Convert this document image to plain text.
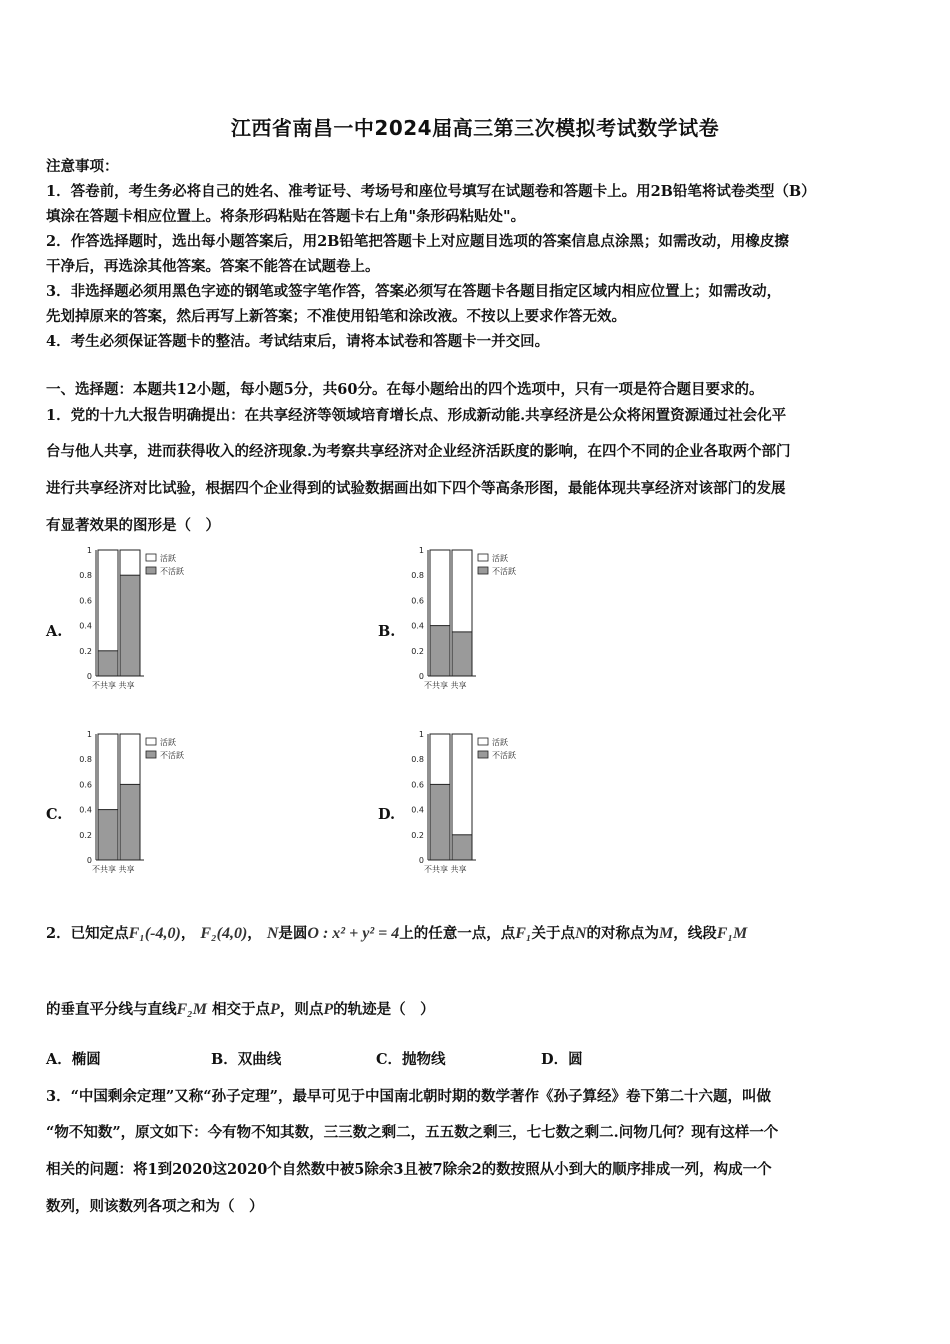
江西省南昌一中2024届高三第三次模拟考试数学试卷
注意事项：
1．答卷前，考生务必将自己的姓名、准考证号、考场号和座位号填写在试题卷和答题卡上。用2B铅笔将试卷类型（B）
填涂在答题卡相应位置上。将条形码粘贴在答题卡右上角"条形码粘贴处"。
2．作答选择题时，选出每小题答案后，用2B铅笔把答题卡上对应题目选项的答案信息点涂黑；如需改动，用橡皮擦
干净后，再选涂其他答案。答案不能答在试题卷上。
3．非选择题必须用黑色字迹的钢笔或签字笔作答，答案必须写在答题卡各题目指定区域内相应位置上；如需改动，
先划掉原来的答案，然后再写上新答案；不准使用铅笔和涂改液。不按以上要求作答无效。
4．考生必须保证答题卡的整洁。考试结束后，请将本试卷和答题卡一并交回。
一、选择题：本题共12小题，每小题5分，共60分。在每小题给出的四个选项中，只有一项是符合题目要求的。
1．党的十九大报告明确提出：在共享经济等领域培育增长点、形成新动能.共享经济是公众将闲置资源通过社会化平
台与他人共享，进而获得收入的经济现象.为考察共享经济对企业经济活跃度的影响，在四个不同的企业各取两个部门
进行共享经济对比试验，根据四个企业得到的试验数据画出如下四个等高条形图，最能体现共享经济对该部门的发展
有显著效果的图形是（　）
A.	B.
C.	D.
0
0.2
0.4
0.6
0.8
1
不共享 共享
活跃
不活跃
0
0.2
0.4
0.6
0.8
1
不共享 共享
活跃
不活跃
0
0.2
0.4
0.6
0.8
1
不共享 共享
活跃
不活跃
0
0.2
0.4
0.6
0.8
1
不共享 共享
活跃
不活跃
2．已知定点F₁(-4,0)， F₂(4,0)， N是圆O : x² + y² = 4上的任意一点，点F₁关于点N的对称点为M，线段F₁M
的垂直平分线与直线F₂M 相交于点P，则点P的轨迹是（　）
A．椭圆	B．双曲线	C．抛物线	D．圆
3．“中国剩余定理”又称“孙子定理”，最早可见于中国南北朝时期的数学著作《孙子算经》卷下第二十六题，叫做
“物不知数”，原文如下：今有物不知其数，三三数之剩二，五五数之剩三，七七数之剩二.问物几何？现有这样一个
相关的问题：将1到2020这2020个自然数中被5除余3且被7除余2的数按照从小到大的顺序排成一列，构成一个
数列，则该数列各项之和为（　）
